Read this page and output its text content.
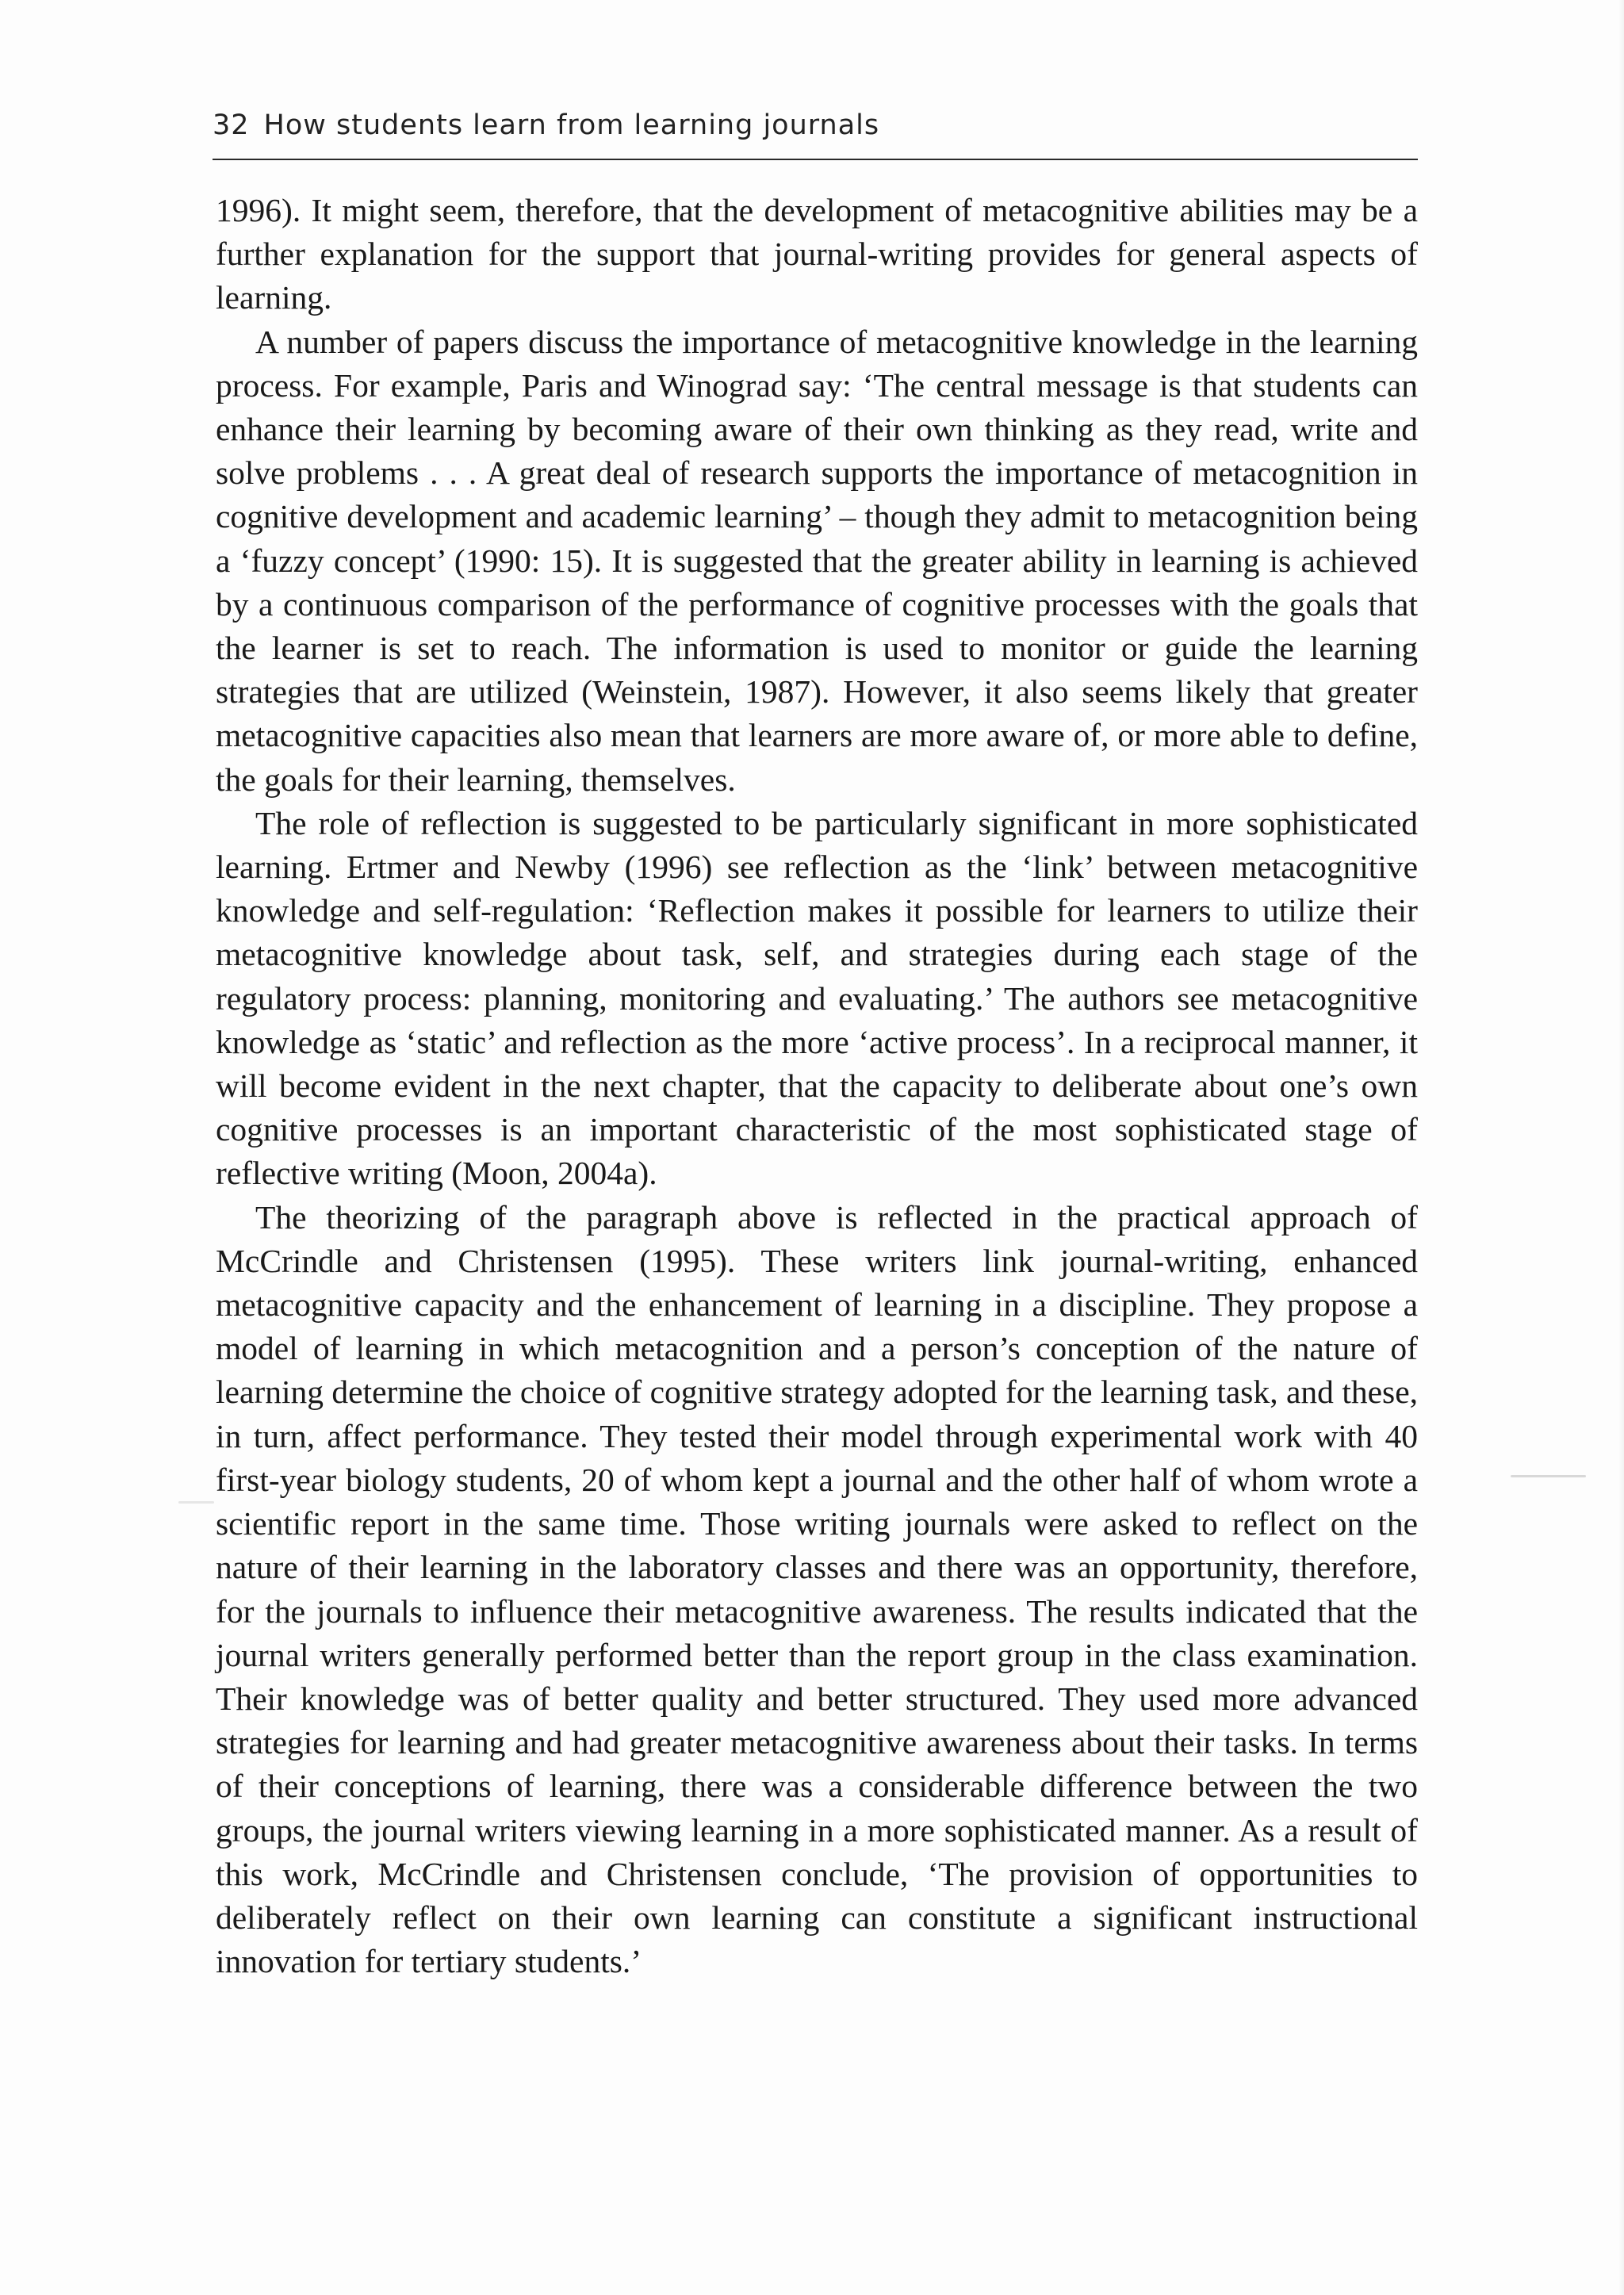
32 How students learn from learning journals

1996). It might seem, therefore, that the development of metacognitive abilities may be a further explanation for the support that journal-writing provides for general aspects of learning.

A number of papers discuss the importance of metacognitive knowledge in the learning process. For example, Paris and Winograd say: ‘The central message is that students can enhance their learning by becoming aware of their own thinking as they read, write and solve problems . . . A great deal of research supports the importance of metacognition in cognitive development and academic learning’ – though they admit to metacognition being a ‘fuzzy concept’ (1990: 15). It is suggested that the greater ability in learning is achieved by a continuous comparison of the performance of cognitive processes with the goals that the learner is set to reach. The information is used to monitor or guide the learning strategies that are utilized (Weinstein, 1987). However, it also seems likely that greater metacognitive capacities also mean that learners are more aware of, or more able to define, the goals for their learning, themselves.

The role of reflection is suggested to be particularly significant in more sophisticated learning. Ertmer and Newby (1996) see reflection as the ‘link’ between metacognitive knowledge and self-regulation: ‘Reflection makes it possible for learners to utilize their metacognitive knowledge about task, self, and strategies during each stage of the regulatory process: planning, monitoring and evaluating.’ The authors see metacognitive knowledge as ‘static’ and reflection as the more ‘active process’. In a reciprocal manner, it will become evident in the next chapter, that the capacity to deliberate about one’s own cognitive processes is an important characteristic of the most sophisticated stage of reflective writing (Moon, 2004a).

The theorizing of the paragraph above is reflected in the practical approach of McCrindle and Christensen (1995). These writers link journal-writing, enhanced metacognitive capacity and the enhancement of learning in a discipline. They propose a model of learning in which metacognition and a person’s conception of the nature of learning determine the choice of cognitive strategy adopted for the learning task, and these, in turn, affect performance. They tested their model through experimental work with 40 first-year biology students, 20 of whom kept a journal and the other half of whom wrote a scientific report in the same time. Those writing journals were asked to reflect on the nature of their learning in the laboratory classes and there was an opportunity, therefore, for the journals to influence their metacognitive awareness. The results indicated that the journal writers generally performed better than the report group in the class examination. Their knowledge was of better quality and better structured. They used more advanced strategies for learning and had greater metacognitive awareness about their tasks. In terms of their conceptions of learning, there was a considerable difference between the two groups, the journal writers viewing learning in a more sophisticated manner. As a result of this work, McCrindle and Christensen conclude, ‘The provision of opportunities to deliberately reflect on their own learning can constitute a significant instructional innovation for tertiary students.’
